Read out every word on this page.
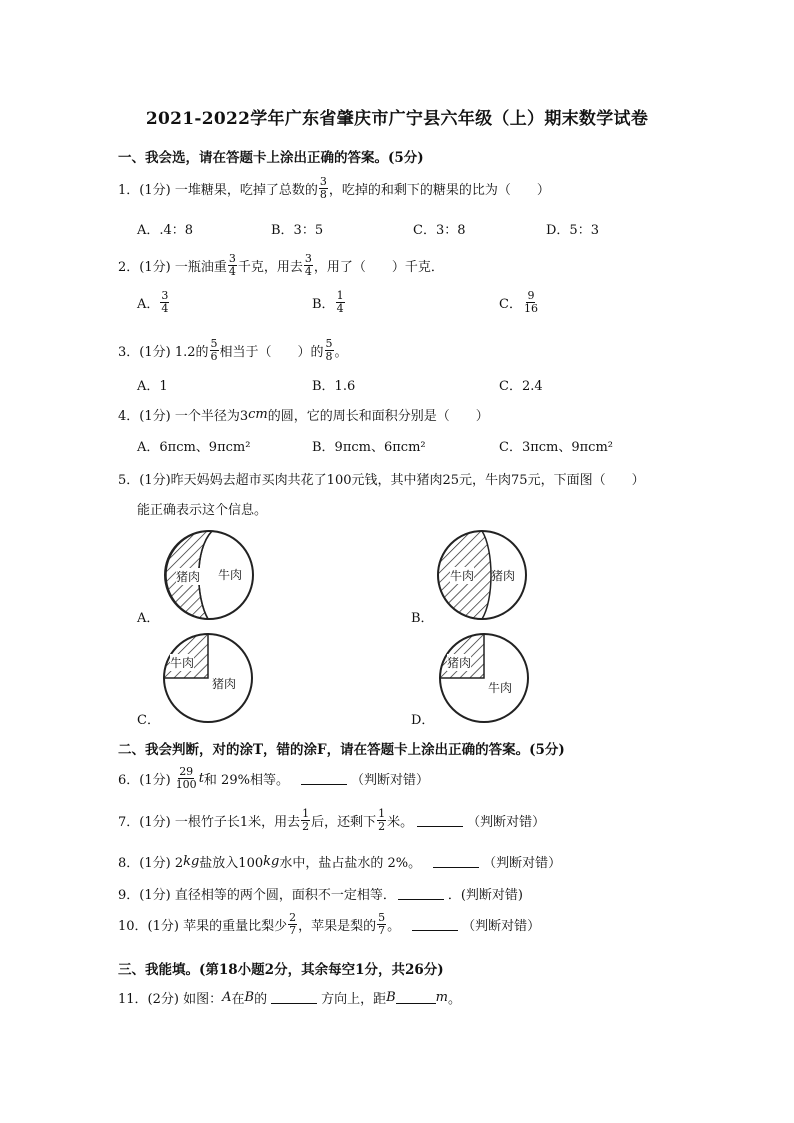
2021-2022学年广东省肇庆市广宁县六年级（上）期末数学试卷
一、我会选，请在答题卡上涂出正确的答案。(5分)
1．(1分) 一堆糖果，吃掉了总数的 $\frac{3}{8}$ ，吃掉的和剩下的糖果的比为（　　）
A．.4：8	B．3：5	C．3：8	D．5：3
2．(1分) 一瓶油重 $\frac{3}{4}$ 千克，用去 $\frac{3}{4}$ ，用了（　　）千克．
A． $\frac{3}{4}$	B． $\frac{1}{4}$	C． $\frac{9}{16}$
3．(1分) 1.2的 $\frac{5}{6}$ 相当于（　　）的 $\frac{5}{8}$ 。
A．1	B．1.6	C．2.4
4．(1分) 一个半径为3 cm 的圆，它的周长和面积分别是（　　）
A．6πcm、9πcm²	B．9πcm、6πcm²	C．3πcm、9πcm²
5．(1分)昨天妈妈去超市买肉共花了100元钱，其中猪肉25元，牛肉75元，下面图（　　）
能正确表示这个信息。
猪肉 牛肉
A．
牛肉 猪肉
B．
牛肉
猪肉
C．
猪肉
牛肉
D．
二、我会判断，对的涂T，错的涂F，请在答题卡上涂出正确的答案。(5分)
6．(1分) $\frac{29}{100}$ t 和 29%相等。	（判断对错）
7．(1分) 一根竹子长1米，用去 $\frac{1}{2}$ 后，还剩下 $\frac{1}{2}$ 米。	（判断对错）
8．(1分) 2 kg 盐放入100 kg 水中，盐占盐水的 2%。	（判断对错）
9．(1分) 直径相等的两个圆，面积不一定相等．	．(判断对错)
10．(1分) 苹果的重量比梨少 $\frac{2}{7}$ ，苹果是梨的 $\frac{5}{7}$ 。	（判断对错）
三、我能填。(第18小题2分，其余每空1分，共26分)
11．(2分) 如图： A 在 B 的	方向上，距 B	m 。
